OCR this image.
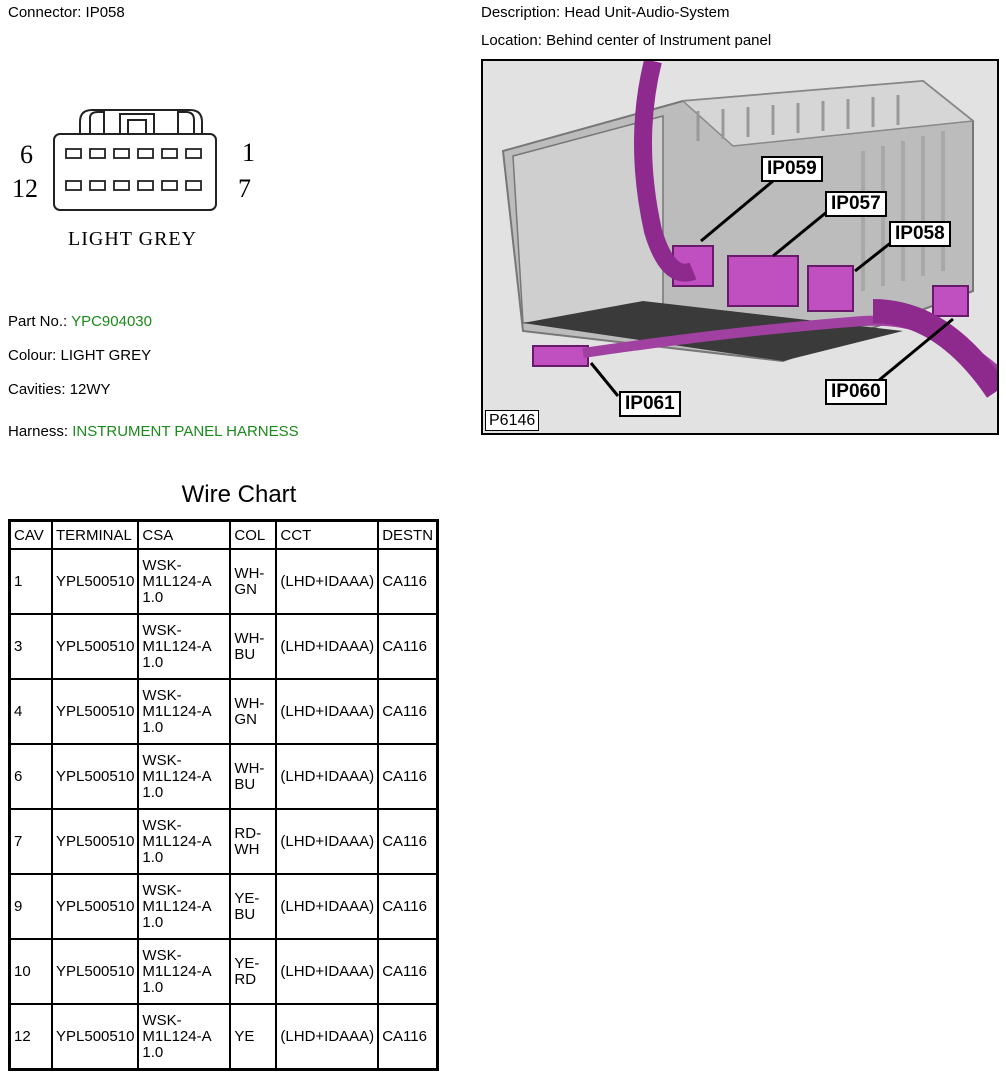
Connector: IP058	Description: Head Unit-Audio-System
Location: Behind center of Instrument panel
6	1
12	7
LIGHT GREY
Part No.: YPC904030
Colour: LIGHT GREY
Cavities: 12WY
Harness: INSTRUMENT PANEL HARNESS
IP059
IP057
IP058
IP061
IP060
P6146
Wire Chart
CAV	TERMINAL	CSA	COL	CCT	DESTN
1	YPL500510	WSK-
M1L124-A
1.0	WH-
GN	(LHD+IDAAA)	CA116
3	YPL500510	WSK-
M1L124-A
1.0	WH-
BU	(LHD+IDAAA)	CA116
4	YPL500510	WSK-
M1L124-A
1.0	WH-
GN	(LHD+IDAAA)	CA116
6	YPL500510	WSK-
M1L124-A
1.0	WH-
BU	(LHD+IDAAA)	CA116
7	YPL500510	WSK-
M1L124-A
1.0	RD-
WH	(LHD+IDAAA)	CA116
9	YPL500510	WSK-
M1L124-A
1.0	YE-
BU	(LHD+IDAAA)	CA116
10	YPL500510	WSK-
M1L124-A
1.0	YE-
RD	(LHD+IDAAA)	CA116
12	YPL500510	WSK-
M1L124-A
1.0	YE	(LHD+IDAAA)	CA116
